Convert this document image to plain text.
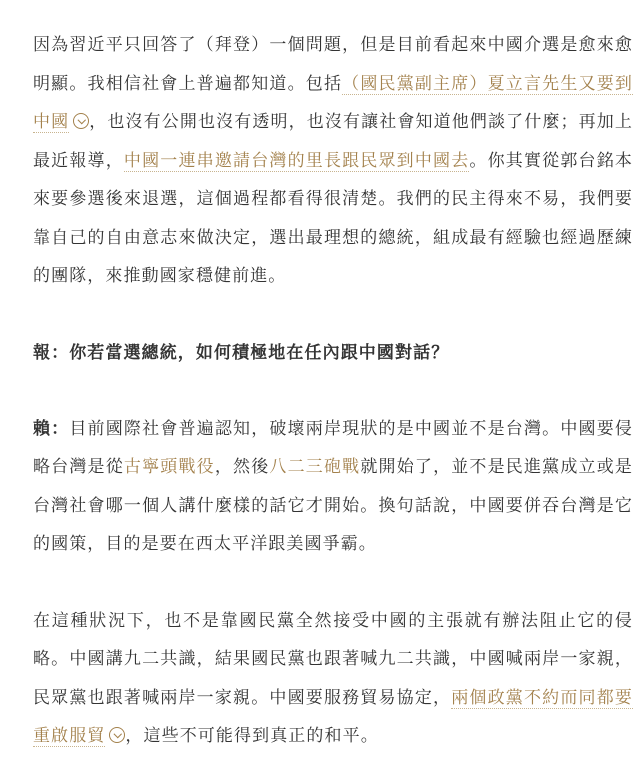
因為習近平只回答了（拜登）一個問題，但是目前看起來中國介選是愈來愈明顯。我相信社會上普遍都知道。包括（國民黨副主席）夏立言先生又要到中國 ，也沒有公開也沒有透明，也沒有讓社會知道他們談了什麼；再加上最近報導，中國一連串邀請台灣的里長跟民眾到中國去。你其實從郭台銘本來要參選後來退選，這個過程都看得很清楚。我們的民主得來不易，我們要靠自己的自由意志來做決定，選出最理想的總統，組成最有經驗也經過歷練的團隊，來推動國家穩健前進。

報：你若當選總統，如何積極地在任內跟中國對話？

賴：目前國際社會普遍認知，破壞兩岸現狀的是中國並不是台灣。中國要侵略台灣是從古寧頭戰役，然後八二三砲戰就開始了，並不是民進黨成立或是台灣社會哪一個人講什麼樣的話它才開始。換句話說，中國要併吞台灣是它的國策，目的是要在西太平洋跟美國爭霸。

在這種狀況下，也不是靠國民黨全然接受中國的主張就有辦法阻止它的侵略。中國講九二共識，結果國民黨也跟著喊九二共識，中國喊兩岸一家親，民眾黨也跟著喊兩岸一家親。中國要服務貿易協定，兩個政黨不約而同都要重啟服貿 ，這些不可能得到真正的和平。
